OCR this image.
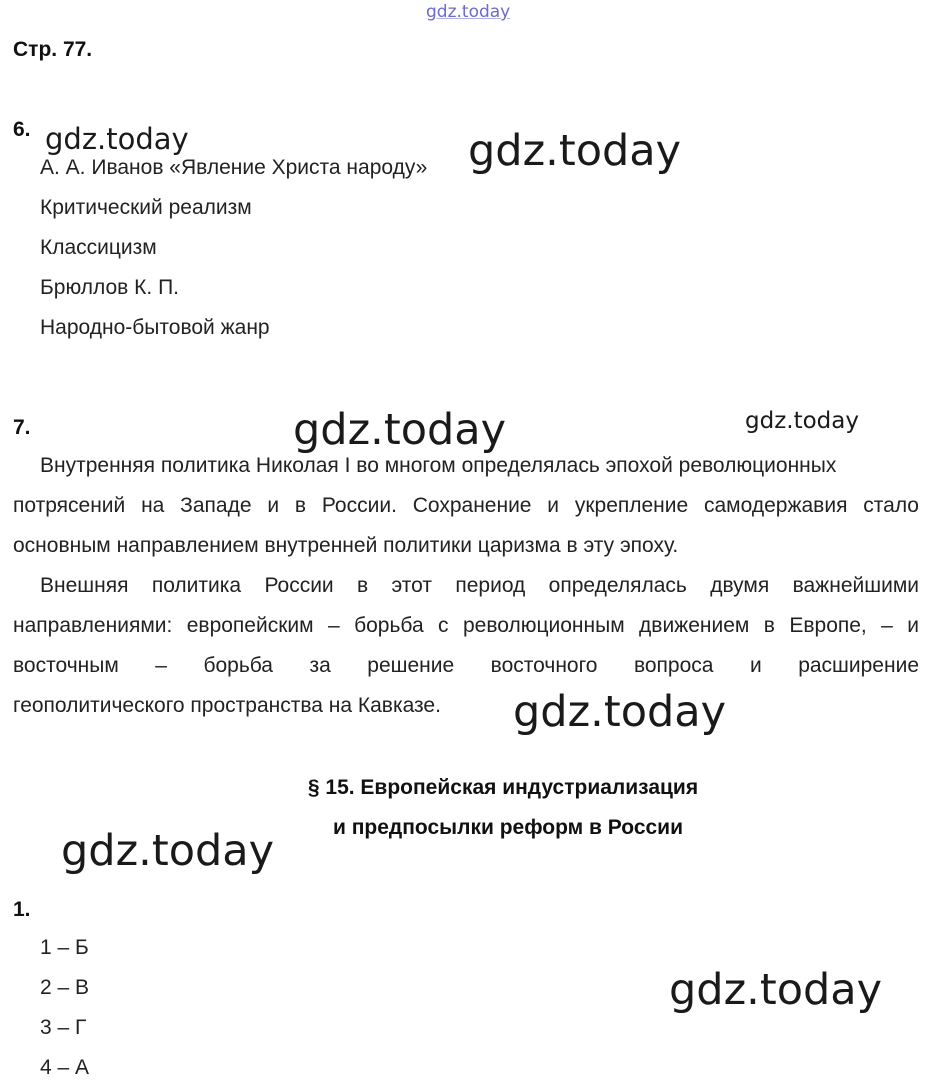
gdz.today
Стр. 77.
6.
А. А. Иванов «Явление Христа народу»
Критический реализм
Классицизм
Брюллов К. П.
Народно-бытовой жанр
7.
Внутренняя политика Николая I во многом определялась эпохой революционных
потрясений на Западе и в России. Сохранение и укрепление самодержавия стало
основным направлением внутренней политики царизма в эту эпоху.
Внешняя политика России в этот период определялась двумя важнейшими
направлениями: европейским – борьба с революционным движением в Европе, – и
восточным – борьба за решение восточного вопроса и расширение
геополитического пространства на Кавказе.
§ 15. Европейская индустриализация
и предпосылки реформ в России
1.
1 – Б
2 – В
3 – Г
4 – А
gdz.today	gdz.today
gdz.today	gdz.today
gdz.today
gdz.today
gdz.today
